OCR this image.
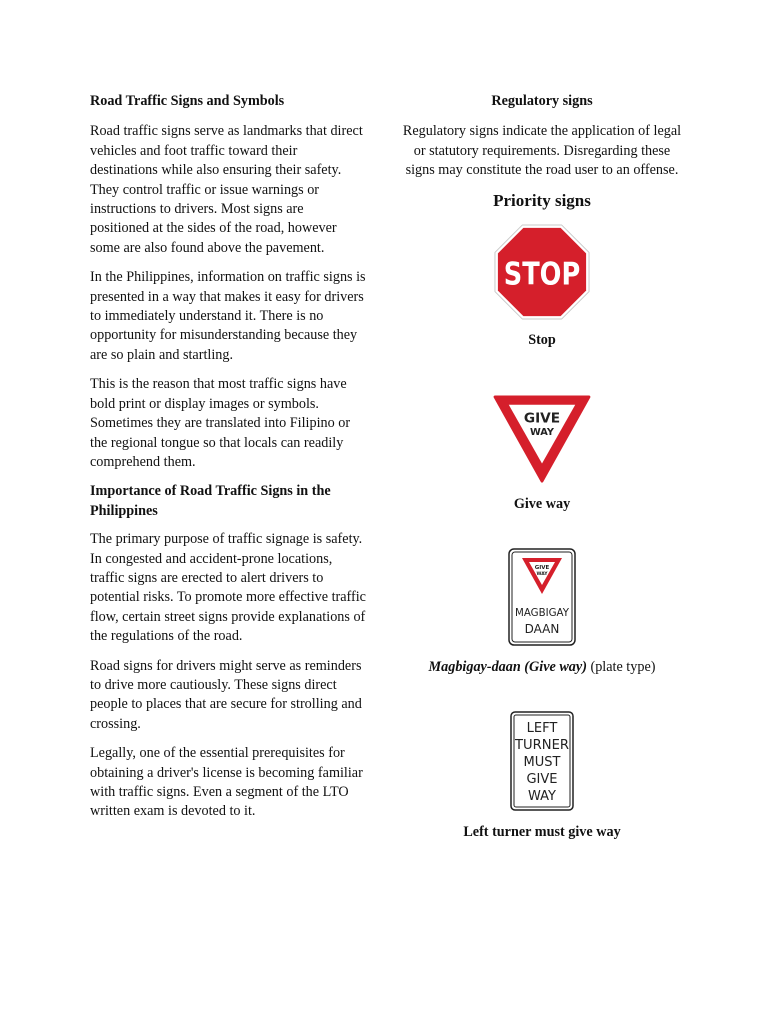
Road Traffic Signs and Symbols

Road traffic signs serve as landmarks that direct vehicles and foot traffic toward their destinations while also ensuring their safety. They control traffic or issue warnings or instructions to drivers. Most signs are positioned at the sides of the road, however some are also found above the pavement.

In the Philippines, information on traffic signs is presented in a way that makes it easy for drivers to immediately understand it. There is no opportunity for misunderstanding because they are so plain and startling.

This is the reason that most traffic signs have bold print or display images or symbols. Sometimes they are translated into Filipino or the regional tongue so that locals can readily comprehend them.

Importance of Road Traffic Signs in the Philippines

The primary purpose of traffic signage is safety. In congested and accident-prone locations, traffic signs are erected to alert drivers to potential risks. To promote more effective traffic flow, certain street signs provide explanations of the regulations of the road.

Road signs for drivers might serve as reminders to drive more cautiously. These signs direct people to places that are secure for strolling and crossing.

Legally, one of the essential prerequisites for obtaining a driver's license is becoming familiar with traffic signs. Even a segment of the LTO written exam is devoted to it.

Regulatory signs

Regulatory signs indicate the application of legal or statutory requirements. Disregarding these signs may constitute the road user to an offense.

Priority signs
STOP
Stop
GIVE
WAY
Give way
GIVE
WAY
MAGBIGAY
DAAN
Magbigay-daan (Give way) (plate type)
LEFT
TURNER
MUST
GIVE
WAY
Left turner must give way
